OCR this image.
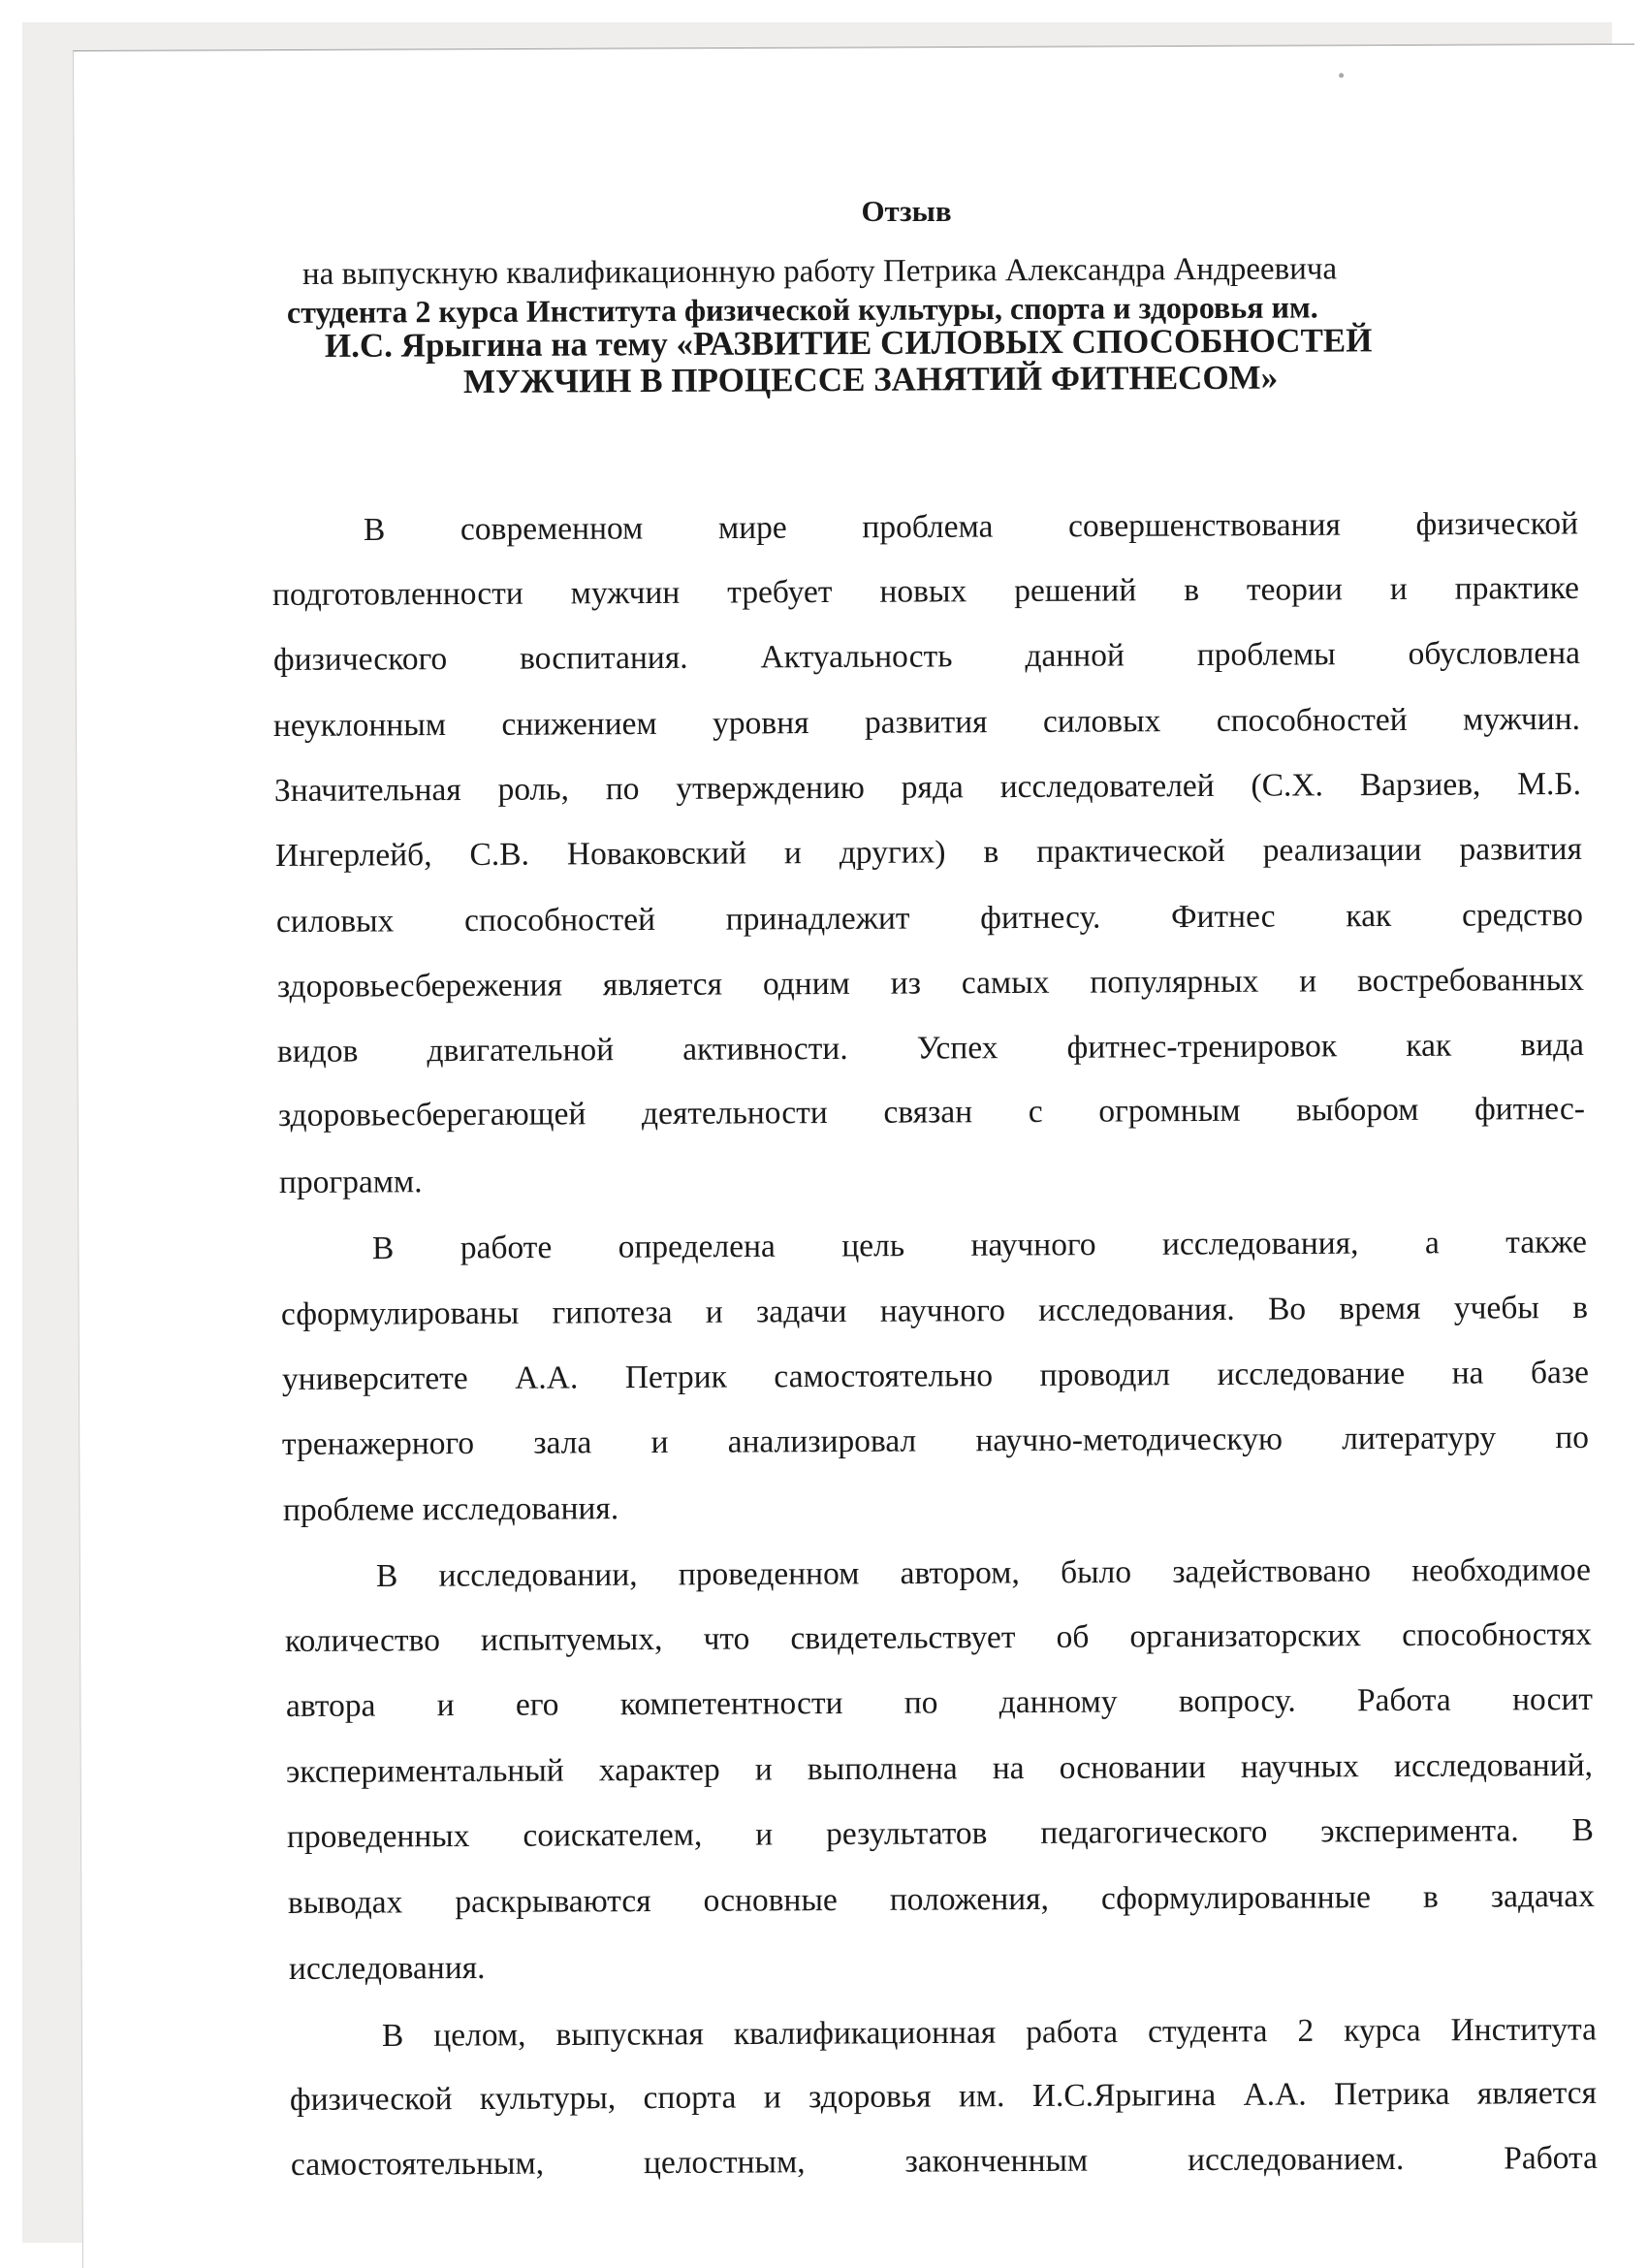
Отзыв
на выпускную квалификационную работу Петрика Александра Андреевича
студента 2 курса Института физической культуры, спорта и здоровья им.
И.С. Ярыгина на тему «РАЗВИТИЕ СИЛОВЫХ СПОСОБНОСТЕЙ
МУЖЧИН В ПРОЦЕССЕ ЗАНЯТИЙ ФИТНЕСОМ»
В современном мире проблема совершенствования физической
подготовленности мужчин требует новых решений в теории и практике
физического воспитания. Актуальность данной проблемы обусловлена
неуклонным снижением уровня развития силовых способностей мужчин.
Значительная роль, по утверждению ряда исследователей (С.Х. Варзиев, М.Б.
Ингерлейб, С.В. Новаковский и других) в практической реализации развития
силовых способностей принадлежит фитнесу. Фитнес как средство
здоровьесбережения является одним из самых популярных и востребованных
видов двигательной активности. Успех фитнес-тренировок как вида
здоровьесберегающей деятельности связан с огромным выбором фитнес-
программ.
В работе определена цель научного исследования, а также
сформулированы гипотеза и задачи научного исследования. Во время учебы в
университете А.А. Петрик самостоятельно проводил исследование на базе
тренажерного зала и анализировал научно-методическую литературу по
проблеме исследования.
В исследовании, проведенном автором, было задействовано необходимое
количество испытуемых, что свидетельствует об организаторских способностях
автора и его компетентности по данному вопросу. Работа носит
экспериментальный характер и выполнена на основании научных исследований,
проведенных соискателем, и результатов педагогического эксперимента. В
выводах раскрываются основные положения, сформулированные в задачах
исследования.
В целом, выпускная квалификационная работа студента 2 курса Института
физической культуры, спорта и здоровья им. И.С.Ярыгина А.А. Петрика является
самостоятельным, целостным, законченным исследованием. Работа
